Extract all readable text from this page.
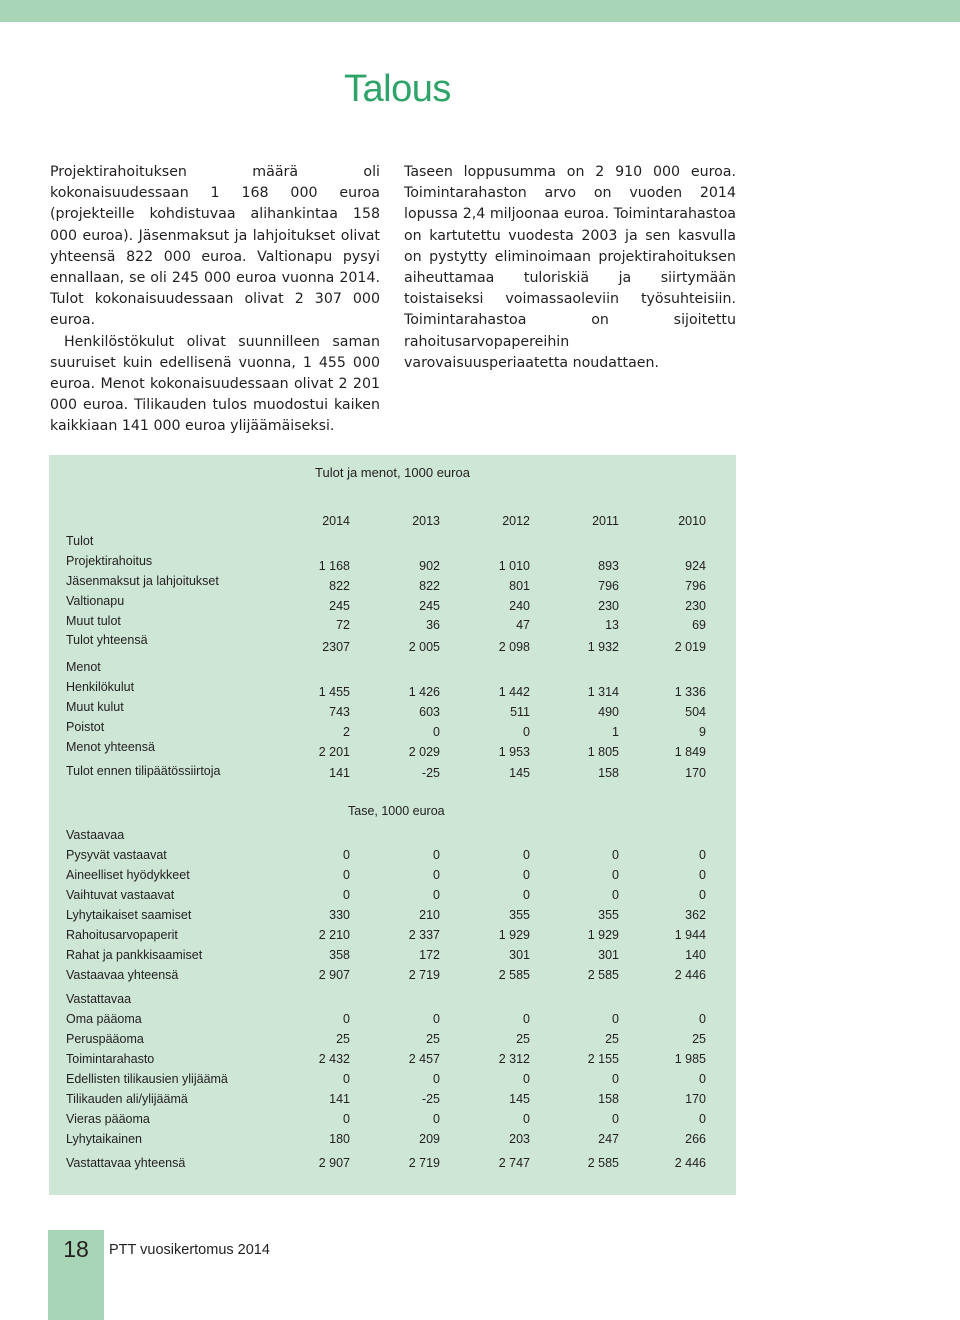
Talous

Projektirahoituksen määrä oli kokonaisuudessaan 1 168 000 euroa (projekteille kohdistuvaa alihankintaa 158 000 euroa). Jäsenmaksut ja lahjoitukset olivat yhteensä 822 000 euroa. Valtionapu pysyi ennallaan, se oli 245 000 euroa vuonna 2014. Tulot kokonaisuudessaan olivat 2 307 000 euroa.

Henkilöstökulut olivat suunnilleen saman suuruiset kuin edellisenä vuonna, 1 455 000 euroa. Menot kokonaisuudessaan olivat 2 201 000 euroa. Tilikauden tulos muodostui kaiken kaikkiaan 141 000 euroa ylijäämäiseksi.

Taseen loppusumma on 2 910 000 euroa. Toimintarahaston arvo on vuoden 2014 lopussa 2,4 miljoonaa euroa. Toimintarahastoa on kartutettu vuodesta 2003 ja sen kasvulla on pystytty eliminoimaan projektirahoituksen aiheuttamaa tuloriskiä ja siirtymään toistaiseksi voimassaoleviin työsuhteisiin. Toimintarahastoa on sijoitettu rahoitusarvopapereihin varovaisuusperiaatetta noudattaen.

Tulot ja menot, 1000 euroa
2014	2013	2012	2011	2010
Tulot
Projektirahoitus	1 168	902	1 010	893	924
Jäsenmaksut ja lahjoitukset	822	822	801	796	796
Valtionapu	245	245	240	230	230
Muut tulot	72	36	47	13	69
Tulot yhteensä	2307	2 005	2 098	1 932	2 019
Menot
Henkilökulut	1 455	1 426	1 442	1 314	1 336
Muut kulut	743	603	511	490	504
Poistot	2	0	0	1	9
Menot yhteensä	2 201	2 029	1 953	1 805	1 849
Tulot ennen tilipäätössiirtoja	141	-25	145	158	170
Tase, 1000 euroa
Vastaavaa
Pysyvät vastaavat	0	0	0	0	0
Aineelliset hyödykkeet	0	0	0	0	0
Vaihtuvat vastaavat	0	0	0	0	0
Lyhytaikaiset saamiset	330	210	355	355	362
Rahoitusarvopaperit	2 210	2 337	1 929	1 929	1 944
Rahat ja pankkisaamiset	358	172	301	301	140
Vastaavaa yhteensä	2 907	2 719	2 585	2 585	2 446
Vastattavaa
Oma pääoma	0	0	0	0	0
Peruspääoma	25	25	25	25	25
Toimintarahasto	2 432	2 457	2 312	2 155	1 985
Edellisten tilikausien ylijäämä	0	0	0	0	0
Tilikauden ali/ylijäämä	141	-25	145	158	170
Vieras pääoma	0	0	0	0	0
Lyhytaikainen	180	209	203	247	266
Vastattavaa yhteensä	2 907	2 719	2 747	2 585	2 446
18	PTT vuosikertomus 2014
